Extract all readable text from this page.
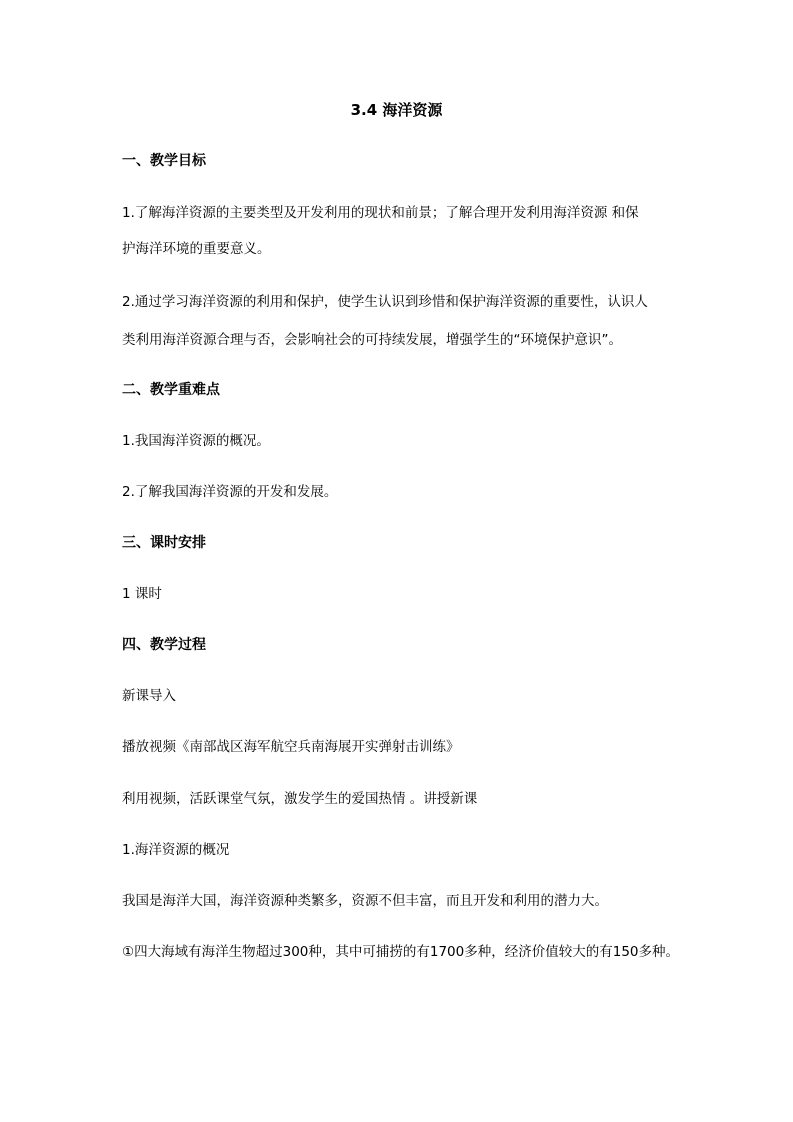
3.4 海洋资源
一、教学目标
1.了解海洋资源的主要类型及开发利用的现状和前景；了解合理开发利用海洋资源 和保
护海洋环境的重要意义。
2.通过学习海洋资源的利用和保护，使学生认识到珍惜和保护海洋资源的重要性，认识人
类利用海洋资源合理与否，会影响社会的可持续发展，增强学生的“环境保护意识”。
二、教学重难点
1.我国海洋资源的概况。
2.了解我国海洋资源的开发和发展。
三、课时安排
1 课时
四、教学过程
新课导入
播放视频《南部战区海军航空兵南海展开实弹射击训练》
利用视频，活跃课堂气氛，激发学生的爱国热情 。讲授新课
1.海洋资源的概况
我国是海洋大国，海洋资源种类繁多，资源不但丰富，而且开发和利用的潜力大。
①四大海域有海洋生物超过300种，其中可捕捞的有1700多种，经济价值较大的有150多种。
